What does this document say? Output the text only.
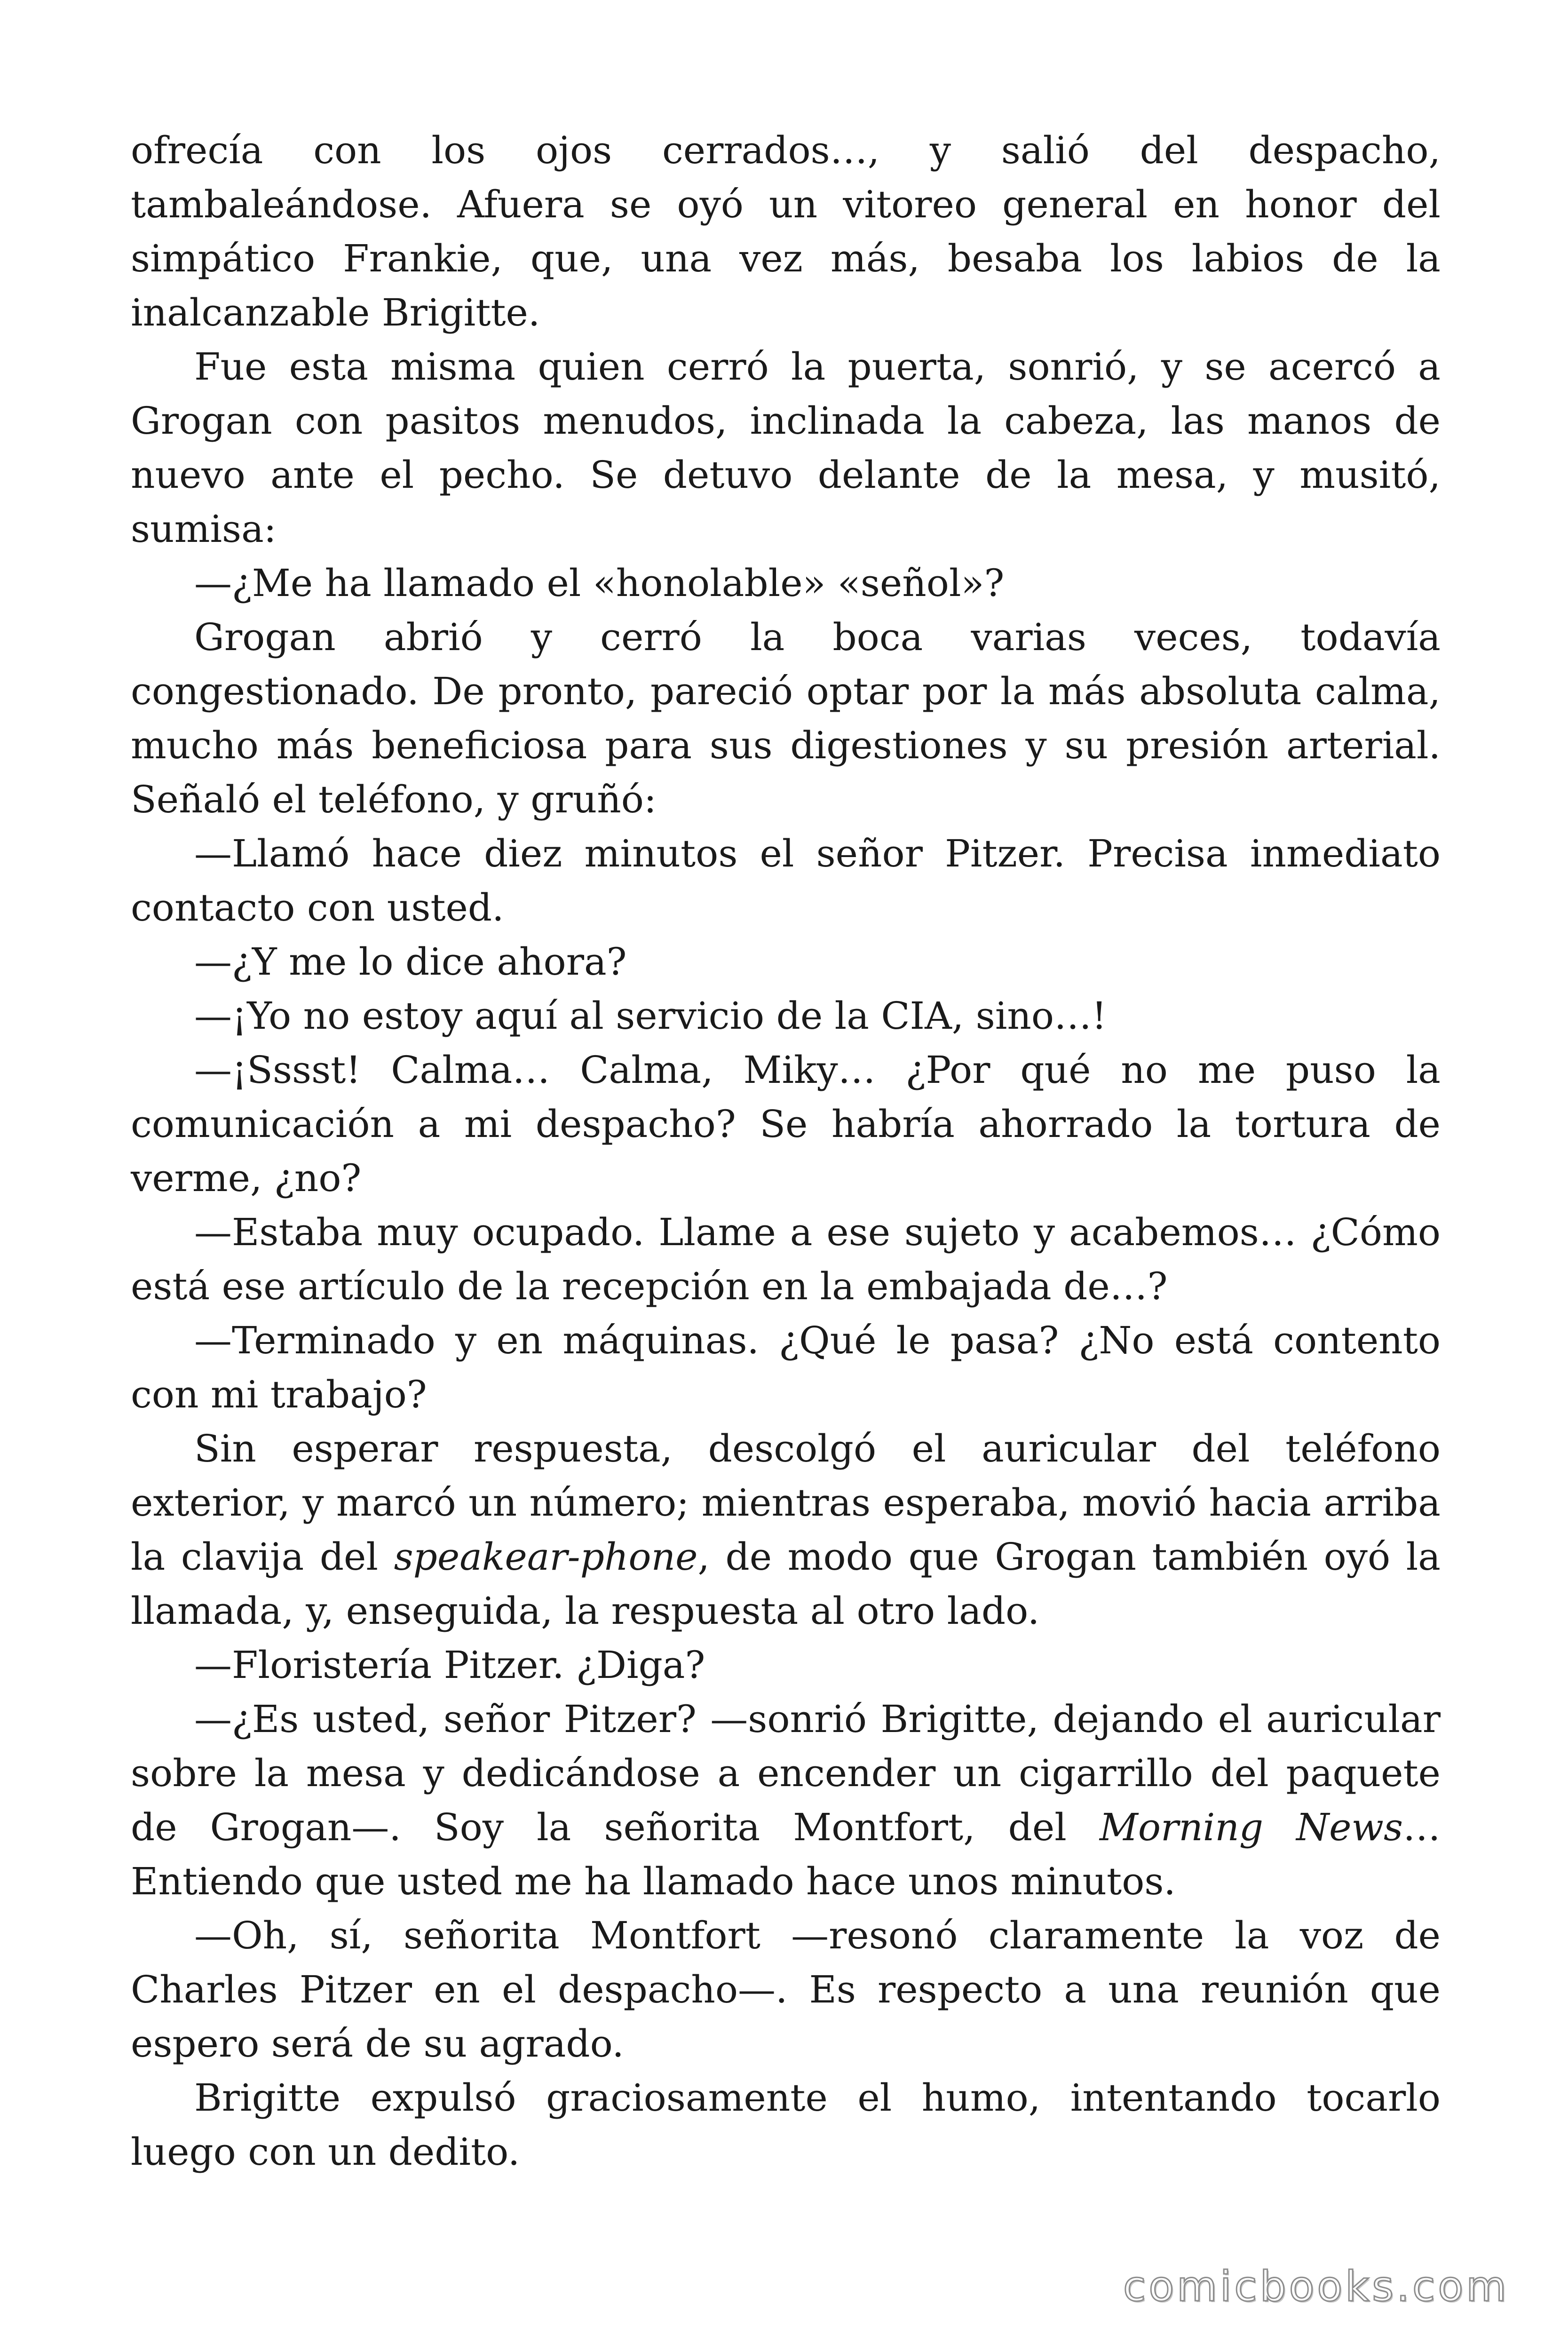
ofrecía con los ojos cerrados…, y salió del despacho, tambaleándose. Afuera se oyó un vitoreo general en honor del simpático Frankie, que, una vez más, besaba los labios de la inalcanzable Brigitte.

Fue esta misma quien cerró la puerta, sonrió, y se acercó a Grogan con pasitos menudos, inclinada la cabeza, las manos de nuevo ante el pecho. Se detuvo delante de la mesa, y musitó, sumisa:

—¿Me ha llamado el «honolable» «señol»?

Grogan abrió y cerró la boca varias veces, todavía congestionado. De pronto, pareció optar por la más absoluta calma, mucho más beneficiosa para sus digestiones y su presión arterial. Señaló el teléfono, y gruñó:

—Llamó hace diez minutos el señor Pitzer. Precisa inmediato contacto con usted.

—¿Y me lo dice ahora?

—¡Yo no estoy aquí al servicio de la CIA, sino…!

—¡Sssst! Calma… Calma, Miky… ¿Por qué no me puso la comunicación a mi despacho? Se habría ahorrado la tortura de verme, ¿no?

—Estaba muy ocupado. Llame a ese sujeto y acabemos… ¿Cómo está ese artículo de la recepción en la embajada de…?

—Terminado y en máquinas. ¿Qué le pasa? ¿No está contento con mi trabajo?

Sin esperar respuesta, descolgó el auricular del teléfono exterior, y marcó un número; mientras esperaba, movió hacia arriba la clavija del speakear-phone, de modo que Grogan también oyó la llamada, y, enseguida, la respuesta al otro lado.

—Floristería Pitzer. ¿Diga?

—¿Es usted, señor Pitzer? —sonrió Brigitte, dejando el auricular sobre la mesa y dedicándose a encender un cigarrillo del paquete de Grogan—. Soy la señorita Montfort, del Morning News… Entiendo que usted me ha llamado hace unos minutos.

—Oh, sí, señorita Montfort —resonó claramente la voz de Charles Pitzer en el despacho—. Es respecto a una reunión que espero será de su agrado.

Brigitte expulsó graciosamente el humo, intentando tocarlo luego con un dedito.

comicbooks.com
